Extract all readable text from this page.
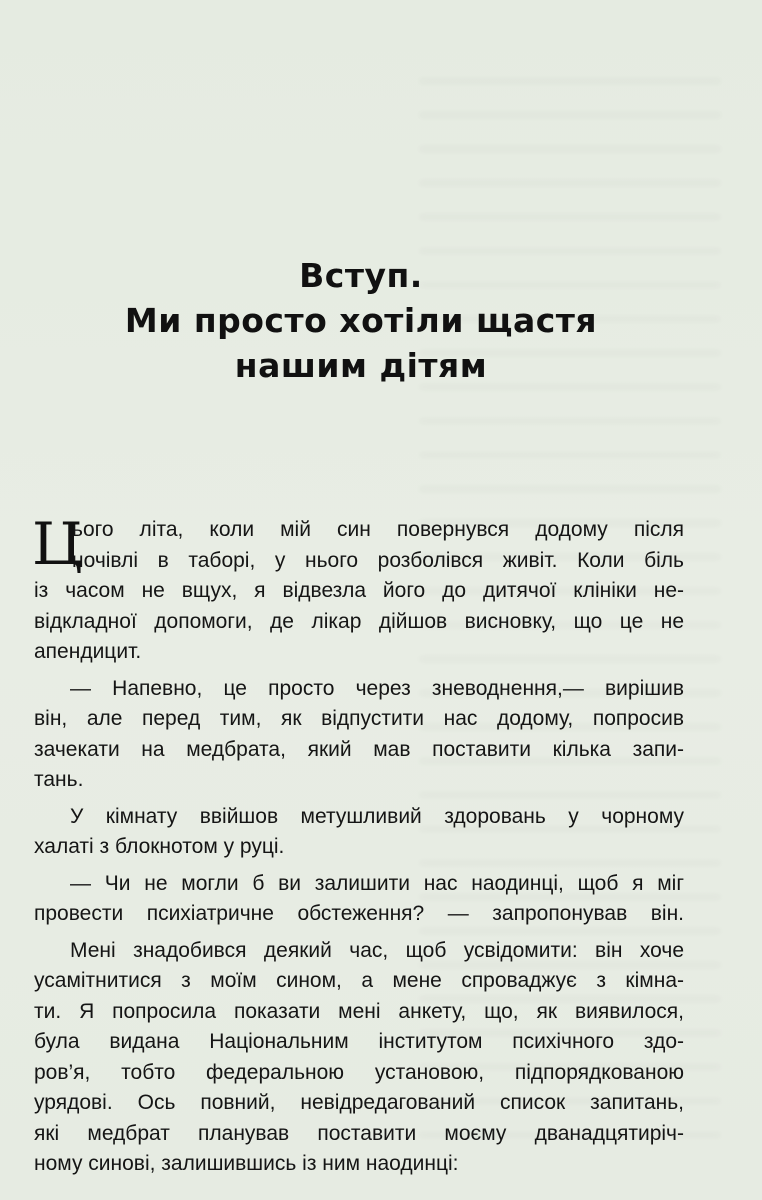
Вступ.
Ми просто хотіли щастя
нашим дітям
Ц
ього літа, коли мій син повернувся додому після
ночівлі в таборі, у нього розболівся живіт. Коли біль
із часом не вщух, я відвезла його до дитячої клініки не-
відкладної допомоги, де лікар дійшов висновку, що це не
апендицит.
— Напевно, це просто через зневоднення,— вирішив
він, але перед тим, як відпустити нас додому, попросив
зачекати на медбрата, який мав поставити кілька запи-
тань.
У кімнату ввійшов метушливий здоровань у чорному
халаті з блокнотом у руці.
— Чи не могли б ви залишити нас наодинці, щоб я міг
провести психіатричне обстеження? — запропонував він.
Мені знадобився деякий час, щоб усвідомити: він хоче
усамітнитися з моїм сином, а мене спроваджує з кімна-
ти. Я попросила показати мені анкету, що, як виявилося,
була видана Національним інститутом психічного здо-
ров’я, тобто федеральною установою, підпорядкованою
урядові. Ось повний, невідредагований список запитань,
які медбрат планував поставити моєму дванадцятиріч-
ному синові, залишившись із ним наодинці:
